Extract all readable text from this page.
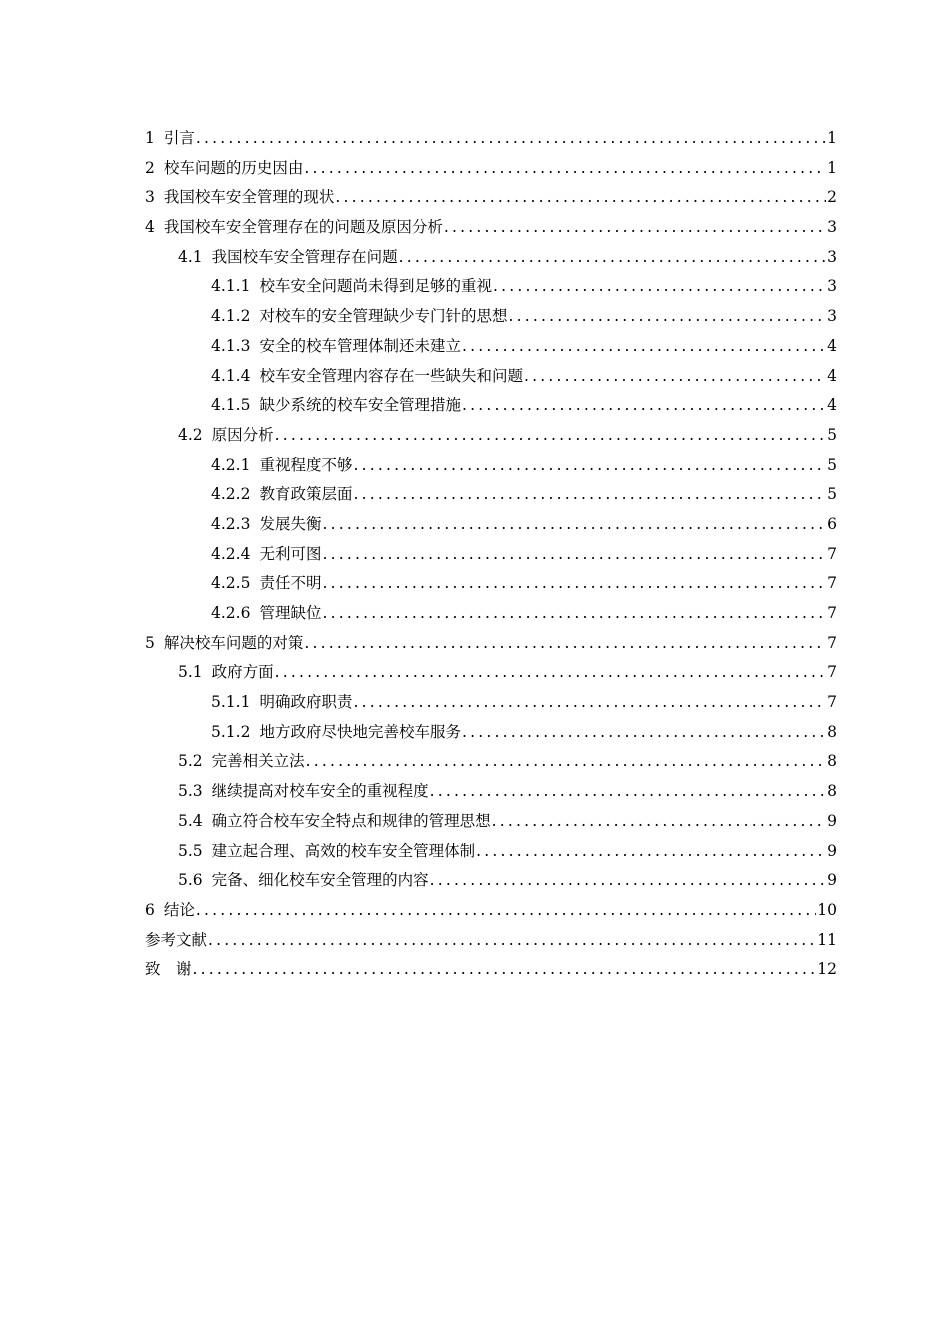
1 引言 .....	1
2 校车问题的历史因由 .....	1
3 我国校车安全管理的现状 .....	2
4 我国校车安全管理存在的问题及原因分析 .....	3
4.1 我国校车安全管理存在问题 .....	3
4.1.1 校车安全问题尚未得到足够的重视 .....	3
4.1.2 对校车的安全管理缺少专门针的思想 .....	3
4.1.3 安全的校车管理体制还未建立 .....	4
4.1.4 校车安全管理内容存在一些缺失和问题 .....	4
4.1.5 缺少系统的校车安全管理措施 .....	4
4.2 原因分析 .....	5
4.2.1 重视程度不够 .....	5
4.2.2 教育政策层面 .....	5
4.2.3 发展失衡 .....	6
4.2.4 无利可图 .....	7
4.2.5 责任不明 .....	7
4.2.6 管理缺位 .....	7
5 解决校车问题的对策 .....	7
5.1 政府方面 .....	7
5.1.1 明确政府职责 .....	7
5.1.2 地方政府尽快地完善校车服务 .....	8
5.2 完善相关立法 .....	8
5.3 继续提高对校车安全的重视程度 .....	8
5.4 确立符合校车安全特点和规律的管理思想 .....	9
5.5 建立起合理、高效的校车安全管理体制 .....	9
5.6 完备、细化校车安全管理的内容 .....	9
6 结论 .....	10
参考文献 .....	11
致　谢 .....	12
